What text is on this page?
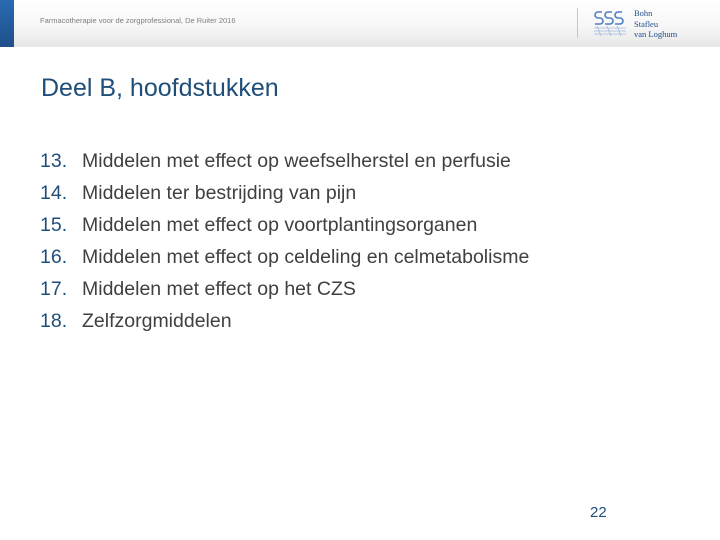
Farmacotherapie voor de zorgprofessional, De Ruiter 2016
Bohn
Stafleu
van Loghum
Deel B, hoofdstukken
13. Middelen met effect op weefselherstel en perfusie
14. Middelen ter bestrijding van pijn
15. Middelen met effect op voortplantingsorganen
16. Middelen met effect op celdeling en celmetabolisme
17. Middelen met effect op het CZS
18. Zelfzorgmiddelen
22
